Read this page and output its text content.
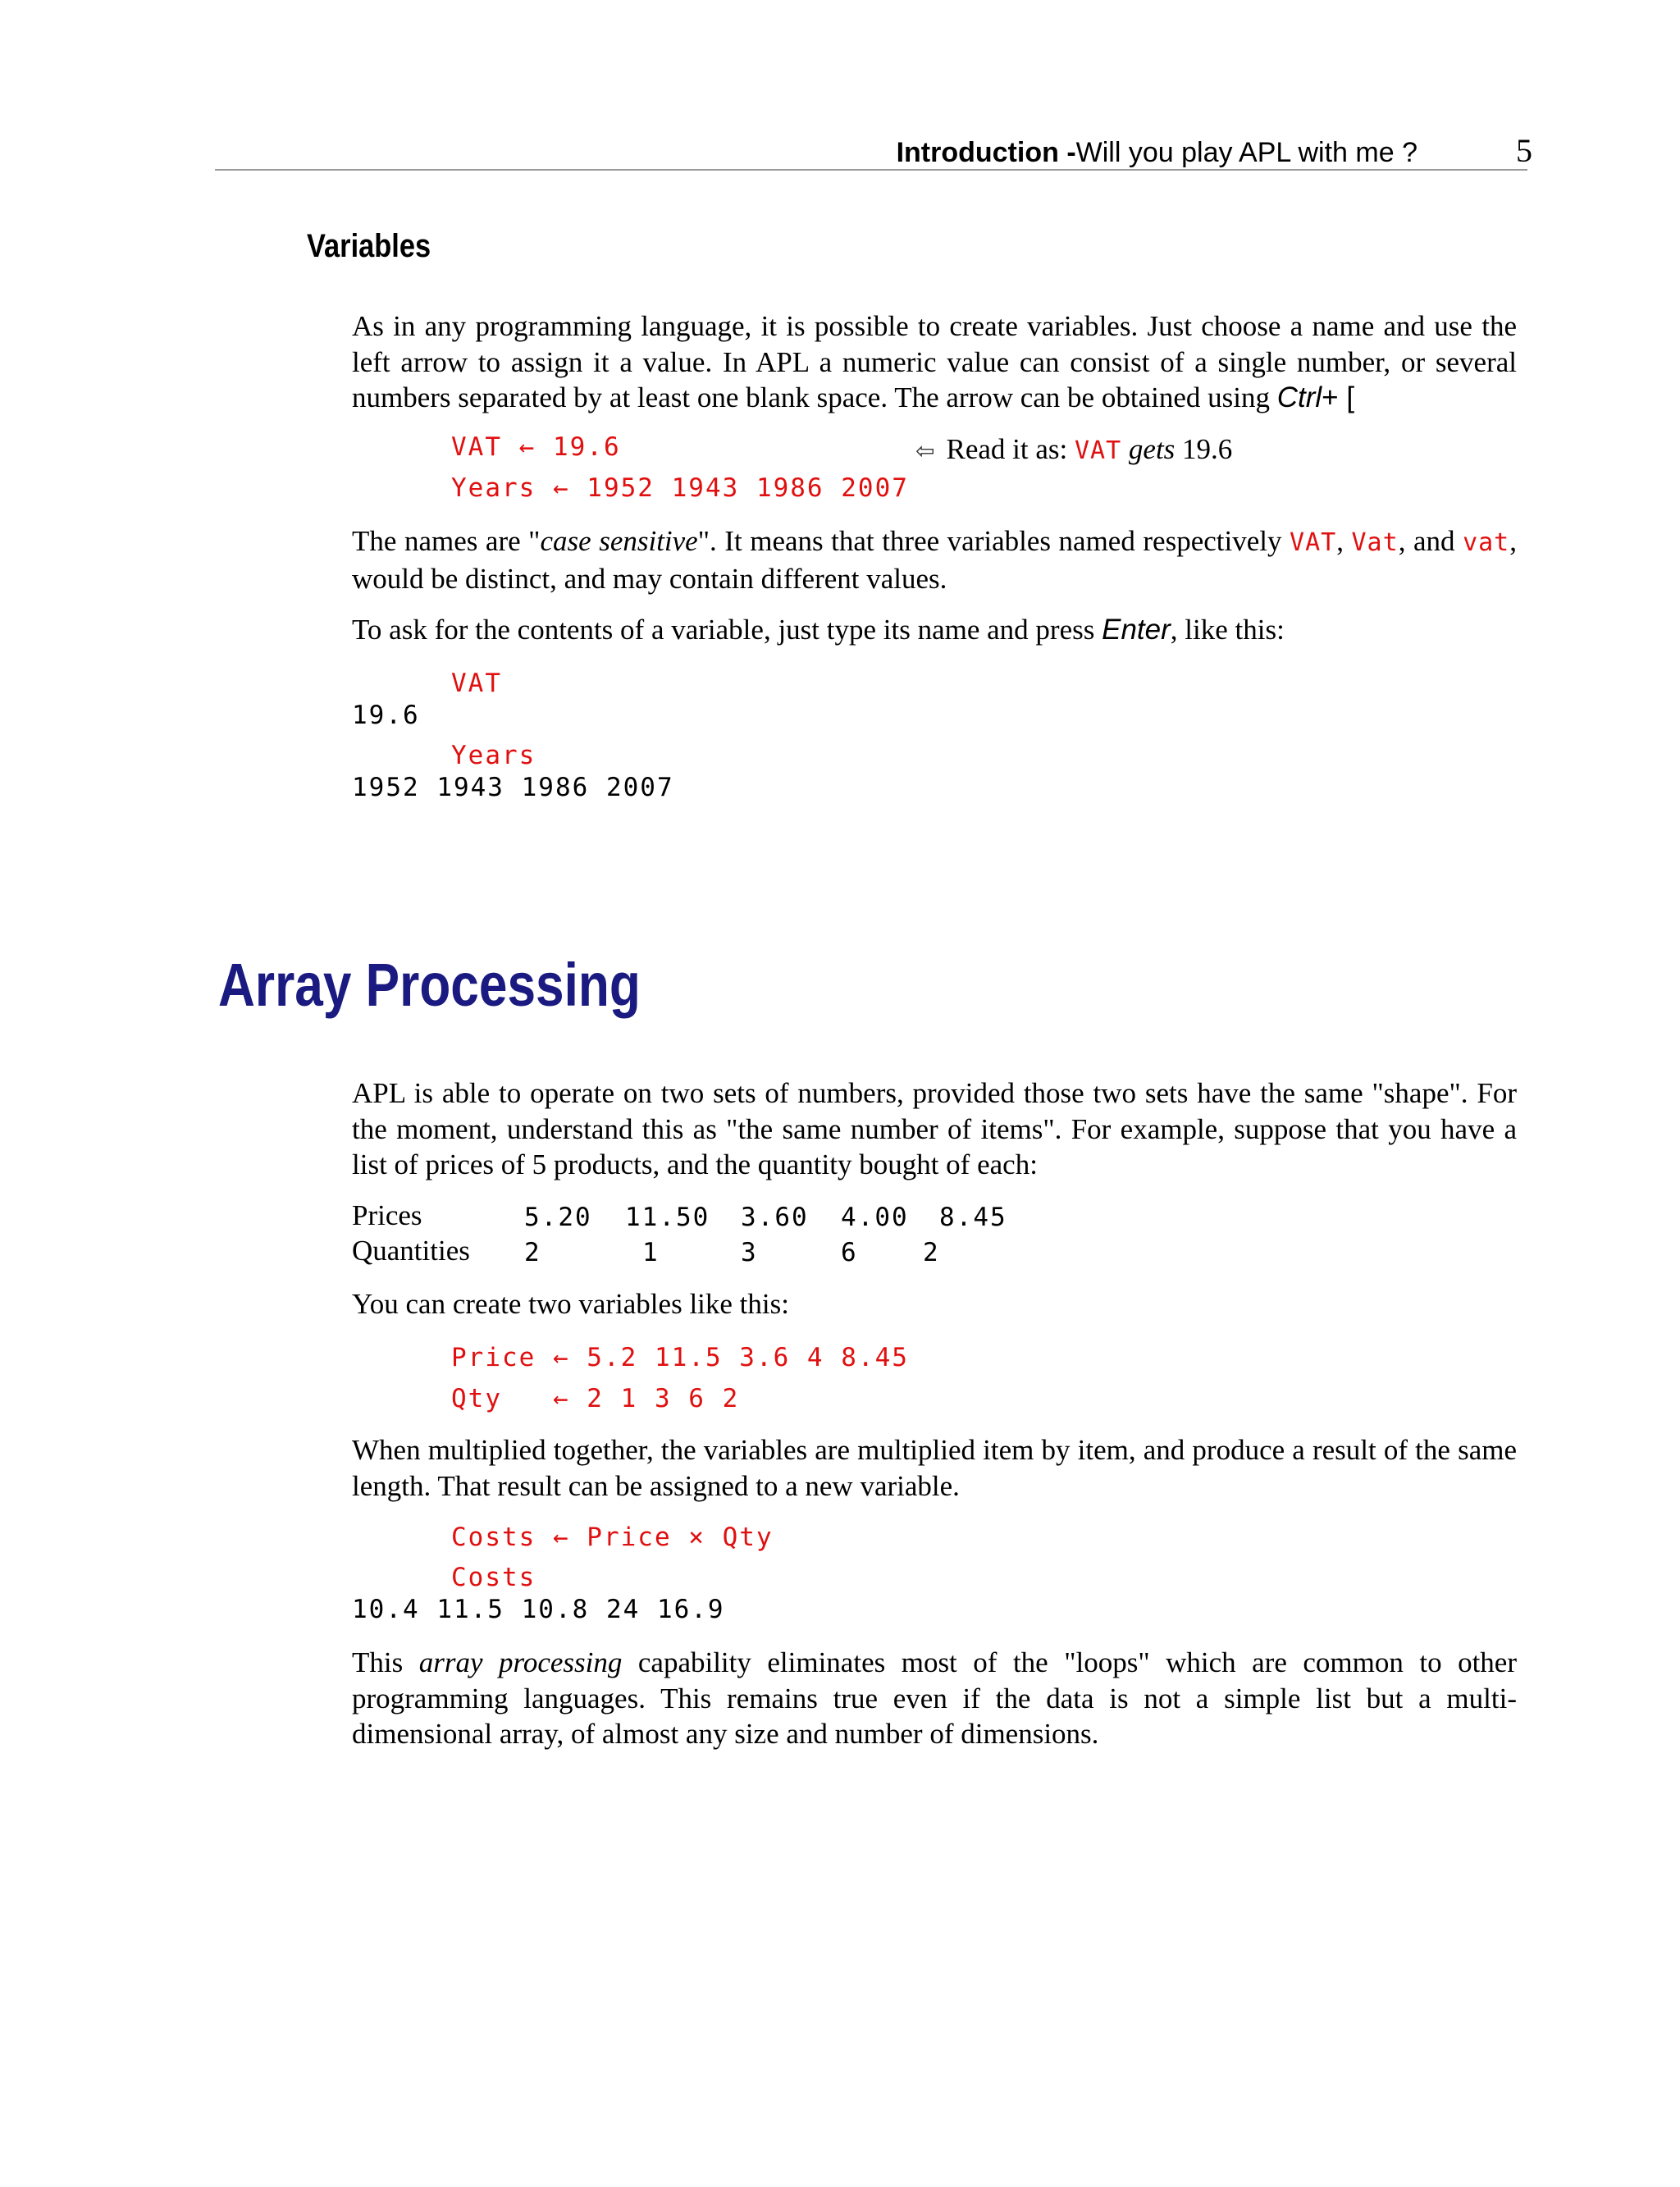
Introduction - Will you play APL with me ?	5
Variables
As in any programming language, it is possible to create variables. Just choose a name and use the left arrow to assign it a value. In APL a numeric value can consist of a single number, or several numbers separated by at least one blank space. The arrow can be obtained using Ctrl+ [
VAT ← 19.6	⇦ Read it as: VAT gets 19.6
Years ← 1952 1943 1986 2007
The names are "case sensitive". It means that three variables named respectively VAT, Vat, and vat, would be distinct, and may contain different values.
To ask for the contents of a variable, just type its name and press Enter, like this:
VAT
19.6
Years
1952 1943 1986 2007
Array Processing
APL is able to operate on two sets of numbers, provided those two sets have the same "shape". For the moment, understand this as "the same number of items". For example, suppose that you have a list of prices of 5 products, and the quantity bought of each:
Prices	5.20 11.50 3.60 4.00 8.45
Quantities 2	1	3	6	2
You can create two variables like this:
Price ← 5.2 11.5 3.6 4 8.45
Qty   ← 2 1 3 6 2
When multiplied together, the variables are multiplied item by item, and produce a result of the same length. That result can be assigned to a new variable.
Costs ← Price × Qty
Costs
10.4 11.5 10.8 24 16.9
This array processing capability eliminates most of the "loops" which are common to other programming languages. This remains true even if the data is not a simple list but a multi-dimensional array, of almost any size and number of dimensions.
